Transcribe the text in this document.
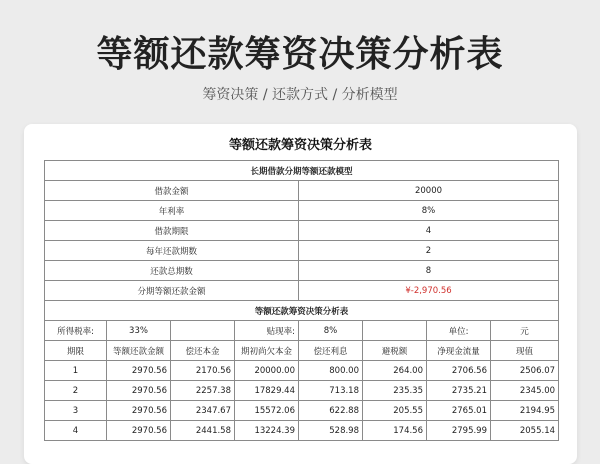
等额还款筹资决策分析表
筹资决策 / 还款方式 / 分析模型
等额还款筹资决策分析表
长期借款分期等额还款模型							
借款金额				20000			
年利率				8%			
借款期限				4			
每年还款期数				2			
还款总期数				8			
分期等额还款金额				¥-2,970.56			
等额还款筹资决策分析表							
所得税率:	33%		贴现率:	8%		单位:	元
期限	等额还款金额	偿还本金	期初尚欠本金	偿还利息	避税额	净现金流量	现值
1	2970.56	2170.56	20000.00	800.00	264.00	2706.56	2506.07
2	2970.56	2257.38	17829.44	713.18	235.35	2735.21	2345.00
3	2970.56	2347.67	15572.06	622.88	205.55	2765.01	2194.95
4	2970.56	2441.58	13224.39	528.98	174.56	2795.99	2055.14
